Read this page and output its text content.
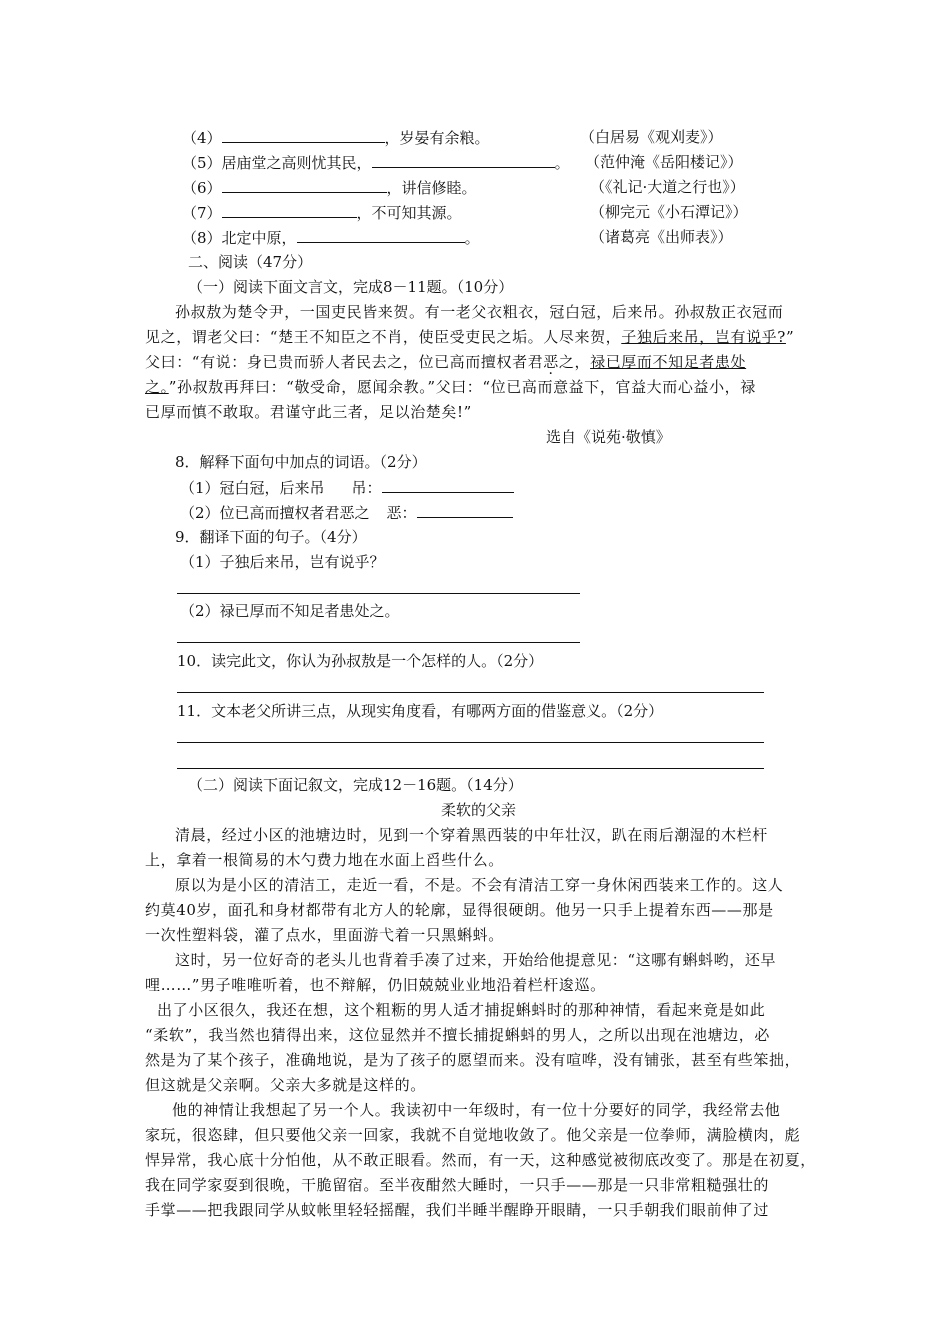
（4）	，岁晏有余粮。	（白居易《观刈麦》）
（5）居庙堂之高则忧其民，	。 （范仲淹《岳阳楼记》）
（6）	，讲信修睦。	（《礼记·大道之行也》）
（7）	，不可知其源。	（柳完元《小石潭记》）
（8）北定中原，	。	（诸葛亮《出师表》）
二、阅读（47分）
（一）阅读下面文言文，完成8－11题。（10分）
孙叔敖为楚令尹，一国吏民皆来贺。有一老父衣粗衣，冠白冠，后来吊。孙叔敖正衣冠而
见之，谓老父曰：“楚王不知臣之不肖，使臣受吏民之垢。人尽来贺，子独后来吊，岂有说乎?”
父曰：“有说：身已贵而骄人者民去之，位已高而擅权者君恶之，禄已厚而不知足者患处
之。”孙叔敖再拜曰：“敬受命，愿闻余教。”父曰：“位已高而意益下，官益大而心益小，禄
已厚而慎不敢取。君谨守此三者，足以治楚矣!”
选自《说苑·敬慎》
8．解释下面句中加点的词语。（2分）
（1）冠白冠，后来吊 吊：
（2）位已高而擅权者君恶之 恶：
9．翻译下面的句子。（4分）
（1）子独后来吊，岂有说乎？
（2）禄已厚而不知足者患处之。
10．读完此文，你认为孙叔敖是一个怎样的人。（2分）
11．文本老父所讲三点，从现实角度看，有哪两方面的借鉴意义。（2分）
（二）阅读下面记叙文，完成12－16题。（14分）
柔软的父亲
清晨，经过小区的池塘边时，见到一个穿着黑西装的中年壮汉，趴在雨后潮湿的木栏杆
上，拿着一根简易的木勺费力地在水面上舀些什么。
原以为是小区的清洁工，走近一看，不是。不会有清洁工穿一身休闲西装来工作的。这人
约莫40岁，面孔和身材都带有北方人的轮廓，显得很硬朗。他另一只手上提着东西——那是
一次性塑料袋，灌了点水，里面游弋着一只黑蝌蚪。
这时，另一位好奇的老头儿也背着手凑了过来，开始给他提意见：“这哪有蝌蚪哟，还早
哩……”男子唯唯听着，也不辩解，仍旧兢兢业业地沿着栏杆逡巡。
出了小区很久，我还在想，这个粗粝的男人适才捕捉蝌蚪时的那种神情，看起来竟是如此
“柔软”，我当然也猜得出来，这位显然并不擅长捕捉蝌蚪的男人，之所以出现在池塘边，必
然是为了某个孩子，准确地说，是为了孩子的愿望而来。没有喧哗，没有铺张，甚至有些笨拙，
但这就是父亲啊。父亲大多就是这样的。
他的神情让我想起了另一个人。我读初中一年级时，有一位十分要好的同学，我经常去他
家玩，很恣肆，但只要他父亲一回家，我就不自觉地收敛了。他父亲是一位拳师，满脸横肉，彪
悍异常，我心底十分怕他，从不敢正眼看。然而，有一天，这种感觉被彻底改变了。那是在初夏，
我在同学家耍到很晚，干脆留宿。至半夜酣然大睡时，一只手——那是一只非常粗糙强壮的
手掌——把我跟同学从蚊帐里轻轻摇醒，我们半睡半醒睁开眼睛，一只手朝我们眼前伸了过
